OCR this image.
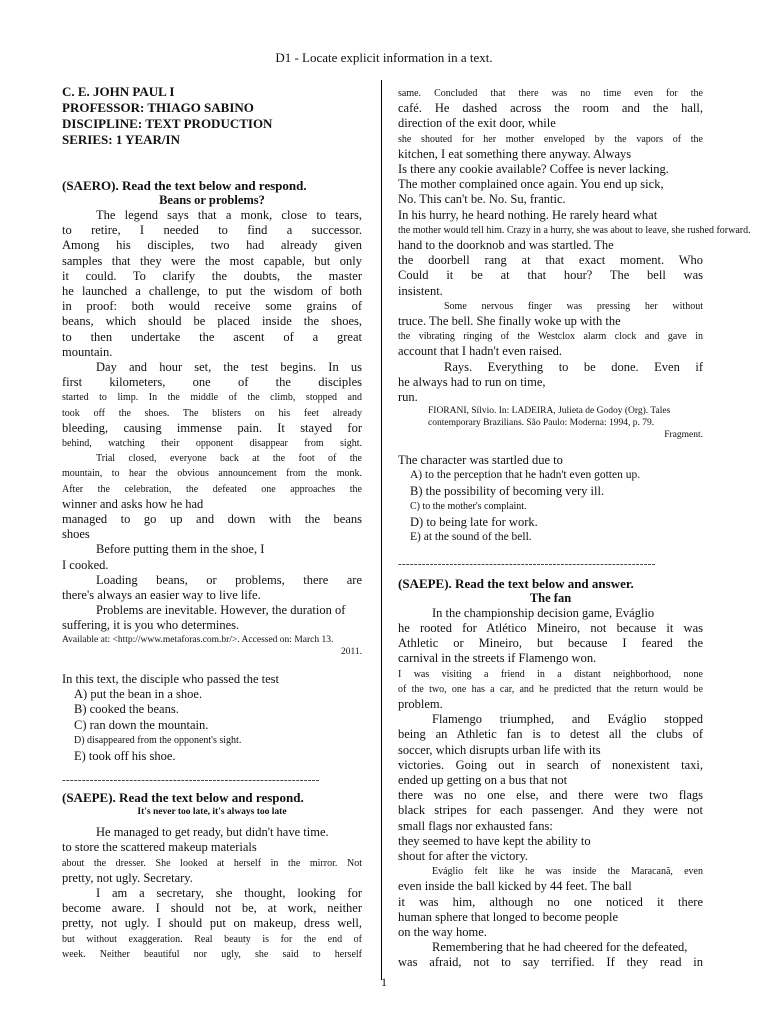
D1 - Locate explicit information in a text.

C. E. JOHN PAUL I

PROFESSOR: THIAGO SABINO

DISCIPLINE: TEXT PRODUCTION

SERIES: 1 YEAR/IN

(SAERO). Read the text below and respond.

Beans or problems?

The legend says that a monk, close to tears,
to retire, I needed to find a successor.
Among his disciples, two had already given
samples that they were the most capable, but only
it could. To clarify the doubts, the master
he launched a challenge, to put the wisdom of both
in proof: both would receive some grains of
beans, which should be placed inside the shoes,
to then undertake the ascent of a great
mountain.
Day and hour set, the test begins. In us
first kilometers, one of the disciples
started to limp. In the middle of the climb, stopped and
took off the shoes. The blisters on his feet already
bleeding, causing immense pain. It stayed for
behind, watching their opponent disappear from sight.
Trial closed, everyone back at the foot of the
mountain, to hear the obvious announcement from the monk.
After the celebration, the defeated one approaches the
winner and asks how he had
managed to go up and down with the beans
shoes
Before putting them in the shoe, I
I cooked.
Loading beans, or problems, there are
there's always an easier way to live life.
Problems are inevitable. However, the duration of
suffering, it is you who determines.
Available at: <http://www.metaforas.com.br/>. Accessed on: March 13.
2011.

In this text, the disciple who passed the test

A) put the bean in a shoe.
B) cooked the beans.
C) ran down the mountain.
D) disappeared from the opponent's sight.
E) took off his shoe.
-----------------------------------------------------------------

(SAEPE). Read the text below and respond.

It's never too late, it's always too late

He managed to get ready, but didn't have time.
to store the scattered makeup materials
about the dresser. She looked at herself in the mirror. Not
pretty, not ugly. Secretary.
I am a secretary, she thought, looking for
become aware. I should not be, at work, neither
pretty, not ugly. I should put on makeup, dress well,
but without exaggeration. Real beauty is for the end of
week. Neither beautiful nor ugly, she said to herself
same. Concluded that there was no time even for the
café. He dashed across the room and the hall,
direction of the exit door, while
she shouted for her mother enveloped by the vapors of the
kitchen, I eat something there anyway. Always
Is there any cookie available? Coffee is never lacking.
The mother complained once again. You end up sick,
No. This can't be. No. Su, frantic.
In his hurry, he heard nothing. He rarely heard what
the mother would tell him. Crazy in a hurry, she was about to leave, she rushed forward.
hand to the doorknob and was startled. The
the doorbell rang at that exact moment. Who
Could it be at that hour? The bell was
insistent.
Some nervous finger was pressing her without
truce. The bell. She finally woke up with the
the vibrating ringing of the Westclox alarm clock and gave in
account that I hadn't even raised.
Rays. Everything to be done. Even if
he always had to run on time,
run.
FIORANI, Sílvio. In: LADEIRA, Julieta de Godoy (Org). Tales
contemporary Brazilians. São Paulo: Moderna: 1994, p. 79.
Fragment.

The character was startled due to

A) to the perception that he hadn't even gotten up.
B) the possibility of becoming very ill.
C) to the mother's complaint.
D) to being late for work.
E) at the sound of the bell.
-----------------------------------------------------------------

(SAEPE). Read the text below and answer.

The fan

In the championship decision game, Eváglio
he rooted for Atlético Mineiro, not because it was
Athletic or Mineiro, but because I feared the
carnival in the streets if Flamengo won.
I was visiting a friend in a distant neighborhood, none
of the two, one has a car, and he predicted that the return would be
problem.
Flamengo triumphed, and Eváglio stopped
being an Athletic fan is to detest all the clubs of
soccer, which disrupts urban life with its
victories. Going out in search of nonexistent taxi,
ended up getting on a bus that not
there was no one else, and there were two flags
black stripes for each passenger. And they were not
small flags nor exhausted fans:
they seemed to have kept the ability to
shout for after the victory.
Eváglio felt like he was inside the Maracanã, even
even inside the ball kicked by 44 feet. The ball
it was him, although no one noticed it there
human sphere that longed to become people
on the way home.
Remembering that he had cheered for the defeated,
was afraid, not to say terrified. If they read in
1
